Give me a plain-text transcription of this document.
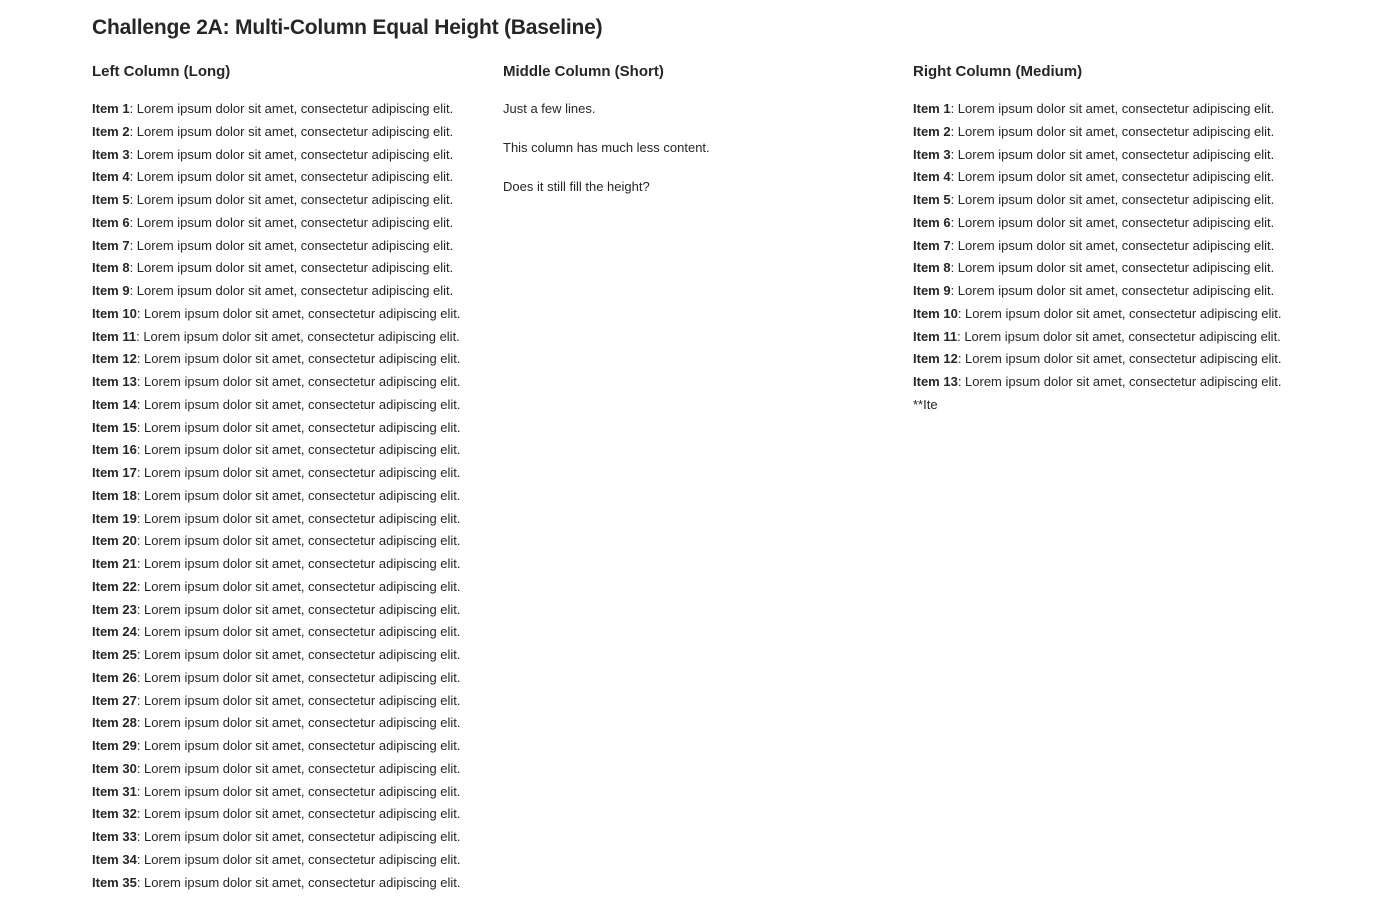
Challenge 2A: Multi-Column Equal Height (Baseline)
Left Column (Long)
Item 1: Lorem ipsum dolor sit amet, consectetur adipiscing elit.
Item 2: Lorem ipsum dolor sit amet, consectetur adipiscing elit.
Item 3: Lorem ipsum dolor sit amet, consectetur adipiscing elit.
Item 4: Lorem ipsum dolor sit amet, consectetur adipiscing elit.
Item 5: Lorem ipsum dolor sit amet, consectetur adipiscing elit.
Item 6: Lorem ipsum dolor sit amet, consectetur adipiscing elit.
Item 7: Lorem ipsum dolor sit amet, consectetur adipiscing elit.
Item 8: Lorem ipsum dolor sit amet, consectetur adipiscing elit.
Item 9: Lorem ipsum dolor sit amet, consectetur adipiscing elit.
Item 10: Lorem ipsum dolor sit amet, consectetur adipiscing elit.
Item 11: Lorem ipsum dolor sit amet, consectetur adipiscing elit.
Item 12: Lorem ipsum dolor sit amet, consectetur adipiscing elit.
Item 13: Lorem ipsum dolor sit amet, consectetur adipiscing elit.
Item 14: Lorem ipsum dolor sit amet, consectetur adipiscing elit.
Item 15: Lorem ipsum dolor sit amet, consectetur adipiscing elit.
Item 16: Lorem ipsum dolor sit amet, consectetur adipiscing elit.
Item 17: Lorem ipsum dolor sit amet, consectetur adipiscing elit.
Item 18: Lorem ipsum dolor sit amet, consectetur adipiscing elit.
Item 19: Lorem ipsum dolor sit amet, consectetur adipiscing elit.
Item 20: Lorem ipsum dolor sit amet, consectetur adipiscing elit.
Item 21: Lorem ipsum dolor sit amet, consectetur adipiscing elit.
Item 22: Lorem ipsum dolor sit amet, consectetur adipiscing elit.
Item 23: Lorem ipsum dolor sit amet, consectetur adipiscing elit.
Item 24: Lorem ipsum dolor sit amet, consectetur adipiscing elit.
Item 25: Lorem ipsum dolor sit amet, consectetur adipiscing elit.
Item 26: Lorem ipsum dolor sit amet, consectetur adipiscing elit.
Item 27: Lorem ipsum dolor sit amet, consectetur adipiscing elit.
Item 28: Lorem ipsum dolor sit amet, consectetur adipiscing elit.
Item 29: Lorem ipsum dolor sit amet, consectetur adipiscing elit.
Item 30: Lorem ipsum dolor sit amet, consectetur adipiscing elit.
Item 31: Lorem ipsum dolor sit amet, consectetur adipiscing elit.
Item 32: Lorem ipsum dolor sit amet, consectetur adipiscing elit.
Item 33: Lorem ipsum dolor sit amet, consectetur adipiscing elit.
Item 34: Lorem ipsum dolor sit amet, consectetur adipiscing elit.
Item 35: Lorem ipsum dolor sit amet, consectetur adipiscing elit.
Middle Column (Short)

Just a few lines.

This column has much less content.

Does it still fill the height?

Right Column (Medium)
Item 1: Lorem ipsum dolor sit amet, consectetur adipiscing elit.
Item 2: Lorem ipsum dolor sit amet, consectetur adipiscing elit.
Item 3: Lorem ipsum dolor sit amet, consectetur adipiscing elit.
Item 4: Lorem ipsum dolor sit amet, consectetur adipiscing elit.
Item 5: Lorem ipsum dolor sit amet, consectetur adipiscing elit.
Item 6: Lorem ipsum dolor sit amet, consectetur adipiscing elit.
Item 7: Lorem ipsum dolor sit amet, consectetur adipiscing elit.
Item 8: Lorem ipsum dolor sit amet, consectetur adipiscing elit.
Item 9: Lorem ipsum dolor sit amet, consectetur adipiscing elit.
Item 10: Lorem ipsum dolor sit amet, consectetur adipiscing elit.
Item 11: Lorem ipsum dolor sit amet, consectetur adipiscing elit.
Item 12: Lorem ipsum dolor sit amet, consectetur adipiscing elit.
Item 13: Lorem ipsum dolor sit amet, consectetur adipiscing elit.
**Ite
